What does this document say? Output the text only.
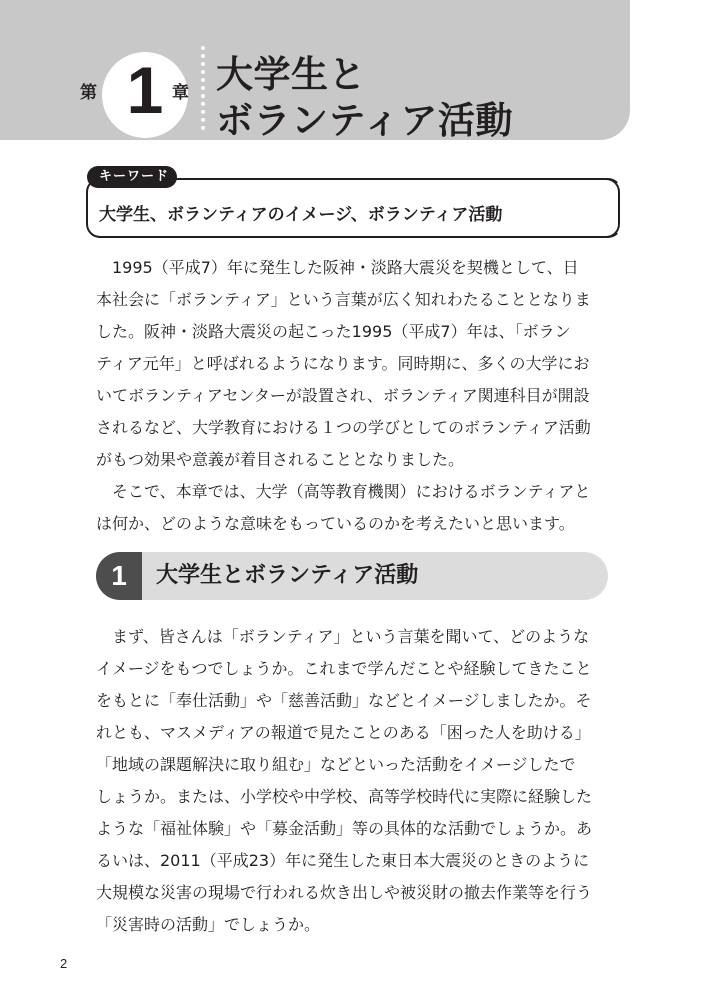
第 1 章 大学生と
ボランティア活動
キーワード
大学生、ボランティアのイメージ、ボランティア活動
　1995（平成7）年に発生した阪神・淡路大震災を契機として、日
本社会に「ボランティア」という言葉が広く知れわたることとなりま
した。阪神・淡路大震災の起こった1995（平成7）年は、「ボラン
ティア元年」と呼ばれるようになります。同時期に、多くの大学にお
いてボランティアセンターが設置され、ボランティア関連科目が開設
されるなど、大学教育における１つの学びとしてのボランティア活動
がもつ効果や意義が着目されることとなりました。
　そこで、本章では、大学（高等教育機関）におけるボランティアと
は何か、どのような意味をもっているのかを考えたいと思います。
1	大学生とボランティア活動
　まず、皆さんは「ボランティア」という言葉を聞いて、どのような
イメージをもつでしょうか。これまで学んだことや経験してきたこと
をもとに「奉仕活動」や「慈善活動」などとイメージしましたか。そ
れとも、マスメディアの報道で見たことのある「困った人を助ける」
「地域の課題解決に取り組む」などといった活動をイメージしたで
しょうか。または、小学校や中学校、高等学校時代に実際に経験した
ような「福祉体験」や「募金活動」等の具体的な活動でしょうか。あ
るいは、2011（平成23）年に発生した東日本大震災のときのように
大規模な災害の現場で行われる炊き出しや被災財の撤去作業等を行う
「災害時の活動」でしょうか。
2
